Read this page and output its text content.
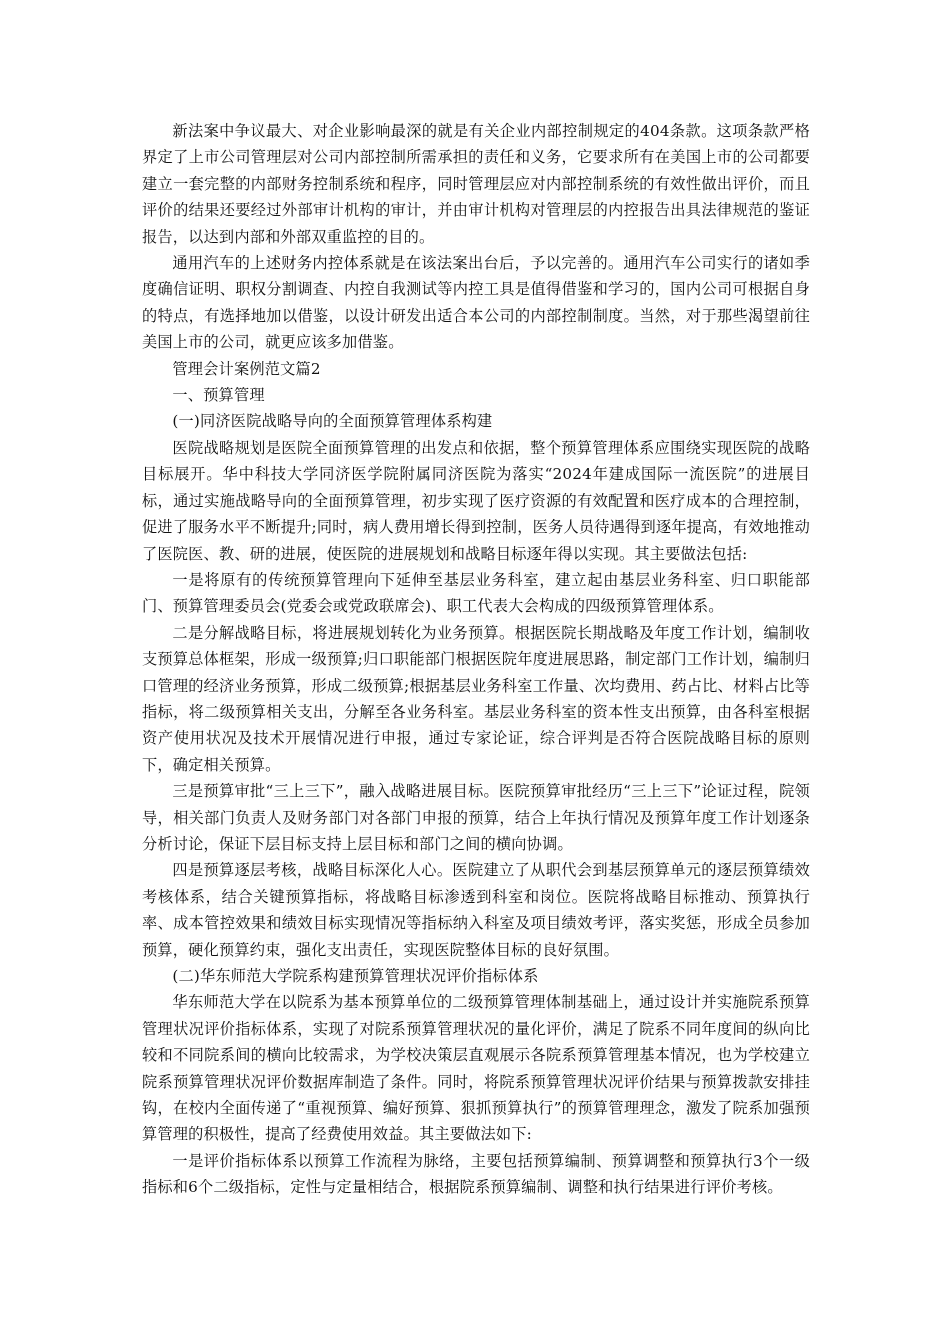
新法案中争议最大、对企业影响最深的就是有关企业内部控制规定的404条款。这项条款严格界定了上市公司管理层对公司内部控制所需承担的责任和义务，它要求所有在美国上市的公司都要建立一套完整的内部财务控制系统和程序，同时管理层应对内部控制系统的有效性做出评价，而且评价的结果还要经过外部审计机构的审计，并由审计机构对管理层的内控报告出具法律规范的鉴证报告，以达到内部和外部双重监控的目的。

通用汽车的上述财务内控体系就是在该法案出台后，予以完善的。通用汽车公司实行的诸如季度确信证明、职权分割调查、内控自我测试等内控工具是值得借鉴和学习的，国内公司可根据自身的特点，有选择地加以借鉴，以设计研发出适合本公司的内部控制制度。当然，对于那些渴望前往美国上市的公司，就更应该多加借鉴。

管理会计案例范文篇2

一、预算管理

(一)同济医院战略导向的全面预算管理体系构建

医院战略规划是医院全面预算管理的出发点和依据，整个预算管理体系应围绕实现医院的战略目标展开。华中科技大学同济医学院附属同济医院为落实“2024年建成国际一流医院”的进展目标，通过实施战略导向的全面预算管理，初步实现了医疗资源的有效配置和医疗成本的合理控制，促进了服务水平不断提升;同时，病人费用增长得到控制，医务人员待遇得到逐年提高，有效地推动了医院医、教、研的进展，使医院的进展规划和战略目标逐年得以实现。其主要做法包括:

一是将原有的传统预算管理向下延伸至基层业务科室，建立起由基层业务科室、归口职能部门、预算管理委员会(党委会或党政联席会)、职工代表大会构成的四级预算管理体系。

二是分解战略目标，将进展规划转化为业务预算。根据医院长期战略及年度工作计划，编制收支预算总体框架，形成一级预算;归口职能部门根据医院年度进展思路，制定部门工作计划，编制归口管理的经济业务预算，形成二级预算;根据基层业务科室工作量、次均费用、药占比、材料占比等指标，将二级预算相关支出，分解至各业务科室。基层业务科室的资本性支出预算，由各科室根据资产使用状况及技术开展情况进行申报，通过专家论证，综合评判是否符合医院战略目标的原则下，确定相关预算。

三是预算审批“三上三下”，融入战略进展目标。医院预算审批经历“三上三下”论证过程，院领导，相关部门负责人及财务部门对各部门申报的预算，结合上年执行情况及预算年度工作计划逐条分析讨论，保证下层目标支持上层目标和部门之间的横向协调。

四是预算逐层考核，战略目标深化人心。医院建立了从职代会到基层预算单元的逐层预算绩效考核体系，结合关键预算指标，将战略目标渗透到科室和岗位。医院将战略目标推动、预算执行率、成本管控效果和绩效目标实现情况等指标纳入科室及项目绩效考评，落实奖惩，形成全员参加预算，硬化预算约束，强化支出责任，实现医院整体目标的良好氛围。

(二)华东师范大学院系构建预算管理状况评价指标体系

华东师范大学在以院系为基本预算单位的二级预算管理体制基础上，通过设计并实施院系预算管理状况评价指标体系，实现了对院系预算管理状况的量化评价，满足了院系不同年度间的纵向比较和不同院系间的横向比较需求，为学校决策层直观展示各院系预算管理基本情况，也为学校建立院系预算管理状况评价数据库制造了条件。同时，将院系预算管理状况评价结果与预算拨款安排挂钩，在校内全面传递了“重视预算、编好预算、狠抓预算执行”的预算管理理念，激发了院系加强预算管理的积极性，提高了经费使用效益。其主要做法如下:

一是评价指标体系以预算工作流程为脉络，主要包括预算编制、预算调整和预算执行3个一级指标和6个二级指标，定性与定量相结合，根据院系预算编制、调整和执行结果进行评价考核。
